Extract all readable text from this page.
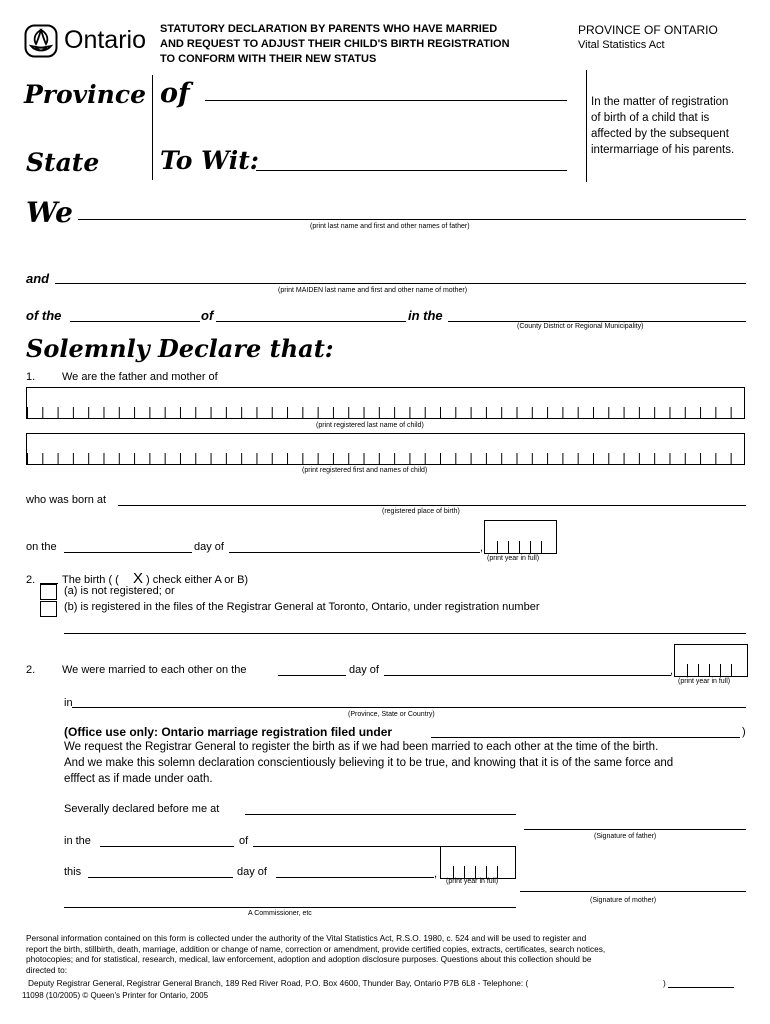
Ontario STATUTORY DECLARATION BY PARENTS WHO HAVE MARRIED
AND REQUEST TO ADJUST THEIR CHILD'S BIRTH REGISTRATION
TO CONFORM WITH THEIR NEW STATUS
PROVINCE OF ONTARIO
Vital Statistics Act
Province of
State To Wit:
In the matter of registration
of birth of a child that is
affected by the subsequent
intermarriage of his parents.
We	(print last name and first and other names of father)
and
(print MAIDEN last name and first and other name of mother)
of the	of	in the
(County District or Regional Municipality)
Solemnly Declare that:
1. We are the father and mother of
(print registered last name of child)
(print registered first and names of child)
who was born at
(registered place of birth)
on the	day of	,
(print year in full)
2. The birth ( ( X ) check either A or B)
(a) is not registered; or
(b) is registered in the files of the Registrar General at Toronto, Ontario, under registration number
2. We were married to each other on the	day of	,
(print year in full)
in
(Province, State or Country)
(Office use only: Ontario marriage registration filed under	)
We request the Registrar General to register the birth as if we had been married to each other at the time of the birth.
And we make this solemn declaration conscientiously believing it to be true, and knowing that it is of the same force and
efffect as if made under oath.
Severally declared before me at
(Signature of father)
in the	of
this	day of	,
(print year in full)
(Signature of mother)
A Commissioner, etc
Personal information contained on this form is collected under the authority of the Vital Statistics Act, R.S.O. 1980, c. 524 and will be used to register and
report the birth, stillbirth, death, marriage, addition or change of name, correction or amendment, provide certified copies, extracts, certificates, search notices,
photocopies; and for statistical, research, medical, law enforcement, adoption and adoption disclosure purposes. Questions about this collection should be
directed to:
Deputy Registrar General, Registrar General Branch, 189 Red River Road, P.O. Box 4600, Thunder Bay, Ontario P7B 6L8 - Telephone: (	)
11098 (10/2005) © Queen's Printer for Ontario, 2005
